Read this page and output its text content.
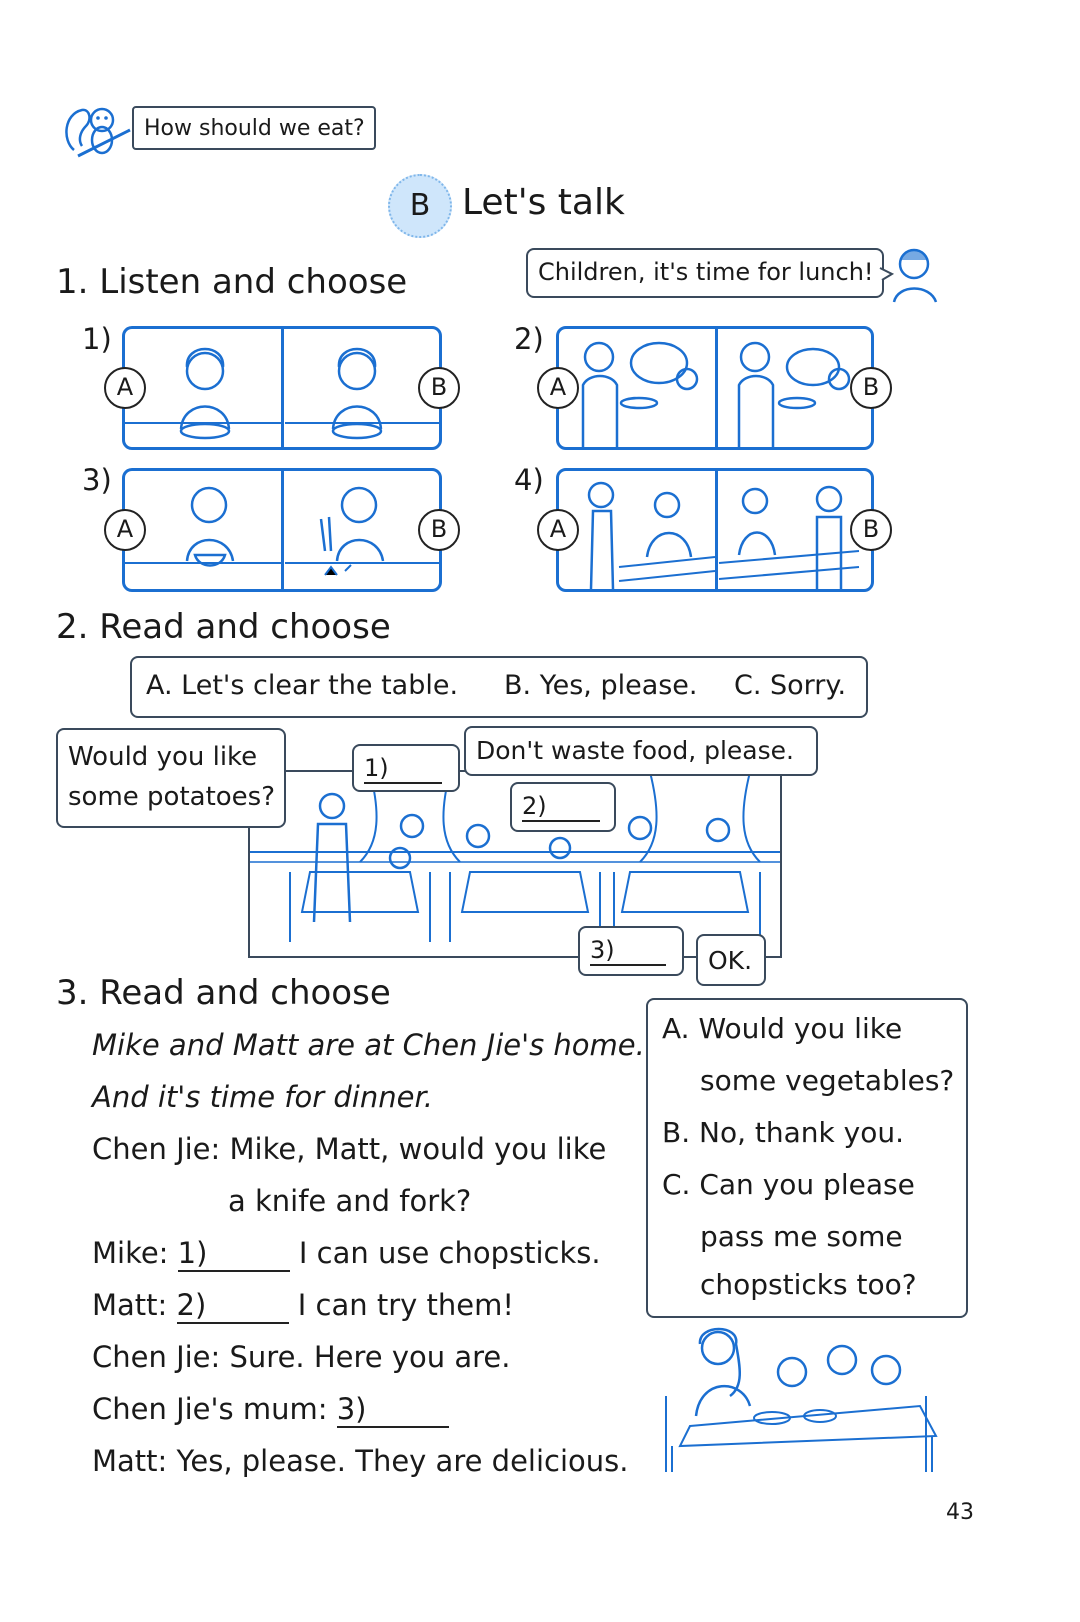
How should we eat?
B Let's talk
Children, it's time for lunch!
1. Listen and choose
1)
A	B
2)
A	B
3)
A	B
4)
A	B
2. Read and choose
A. Let's clear the table. B. Yes, please. C. Sorry.
Would you like
some potatoes?
1)
Don't waste food, please.
2)
3)	OK.
3. Read and choose
Mike and Matt are at Chen Jie's home.
And it's time for dinner.
Chen Jie: Mike, Matt, would you like
a knife and fork?
Mike: 1)	I can use chopsticks.
Matt: 2)	I can try them!
Chen Jie: Sure. Here you are.
Chen Jie's mum: 3)
Matt: Yes, please. They are delicious.
A. Would you like
some vegetables?
B. No, thank you.
C. Can you please
pass me some
chopsticks too?
43
